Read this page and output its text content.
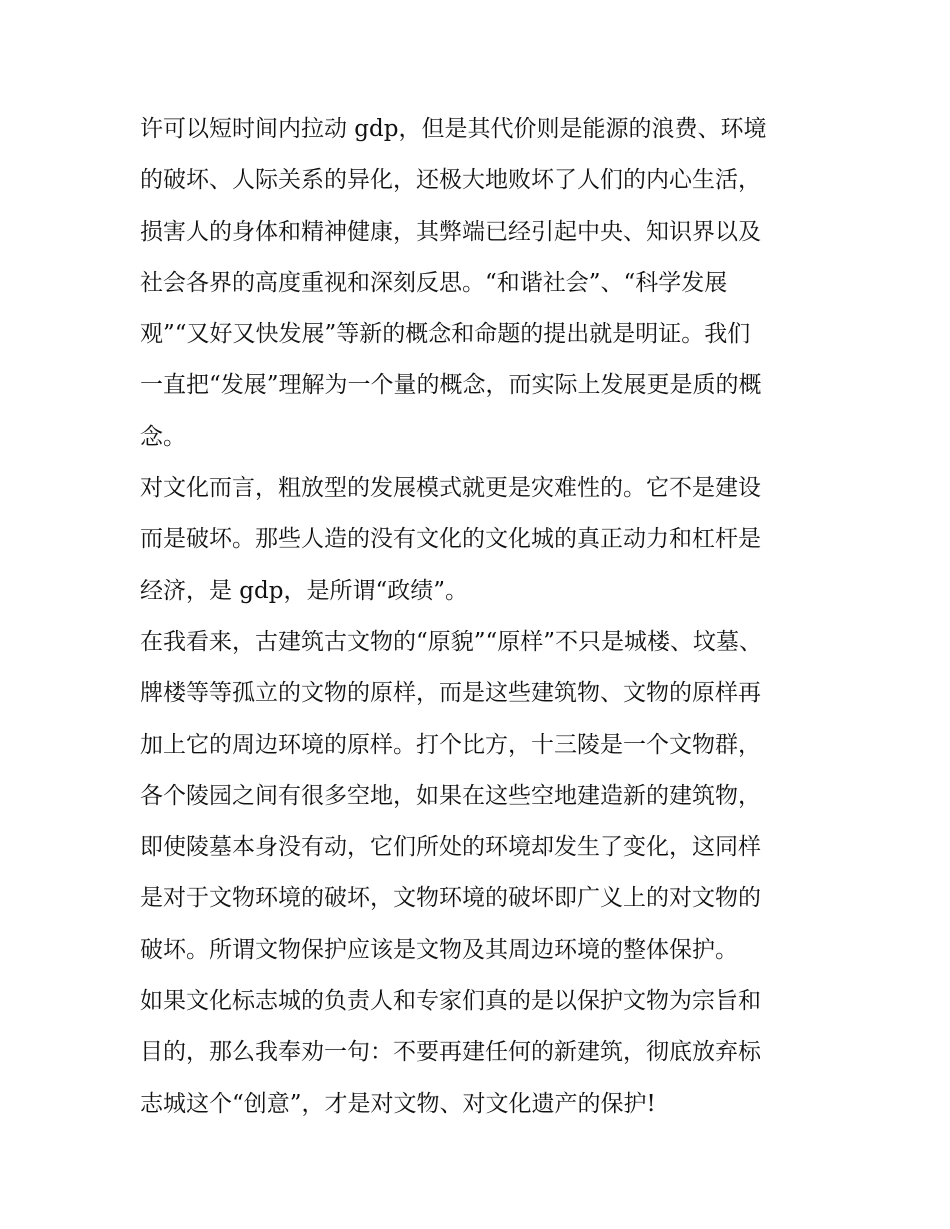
许可以短时间内拉动 gdp，但是其代价则是能源的浪费、环境
的破坏、人际关系的异化，还极大地败坏了人们的内心生活，
损害人的身体和精神健康，其弊端已经引起中央、知识界以及
社会各界的高度重视和深刻反思。“和谐社会”、“科学发展
观”“又好又快发展”等新的概念和命题的提出就是明证。我们
一直把“发展”理解为一个量的概念，而实际上发展更是质的概
念。
对文化而言，粗放型的发展模式就更是灾难性的。它不是建设
而是破坏。那些人造的没有文化的文化城的真正动力和杠杆是
经济，是 gdp，是所谓“政绩”。
在我看来，古建筑古文物的“原貌”“原样”不只是城楼、坟墓、
牌楼等等孤立的文物的原样，而是这些建筑物、文物的原样再
加上它的周边环境的原样。打个比方，十三陵是一个文物群，
各个陵园之间有很多空地，如果在这些空地建造新的建筑物，
即使陵墓本身没有动，它们所处的环境却发生了变化，这同样
是对于文物环境的破坏，文物环境的破坏即广义上的对文物的
破坏。所谓文物保护应该是文物及其周边环境的整体保护。
如果文化标志城的负责人和专家们真的是以保护文物为宗旨和
目的，那么我奉劝一句：不要再建任何的新建筑，彻底放弃标
志城这个“创意”，才是对文物、对文化遗产的保护!
